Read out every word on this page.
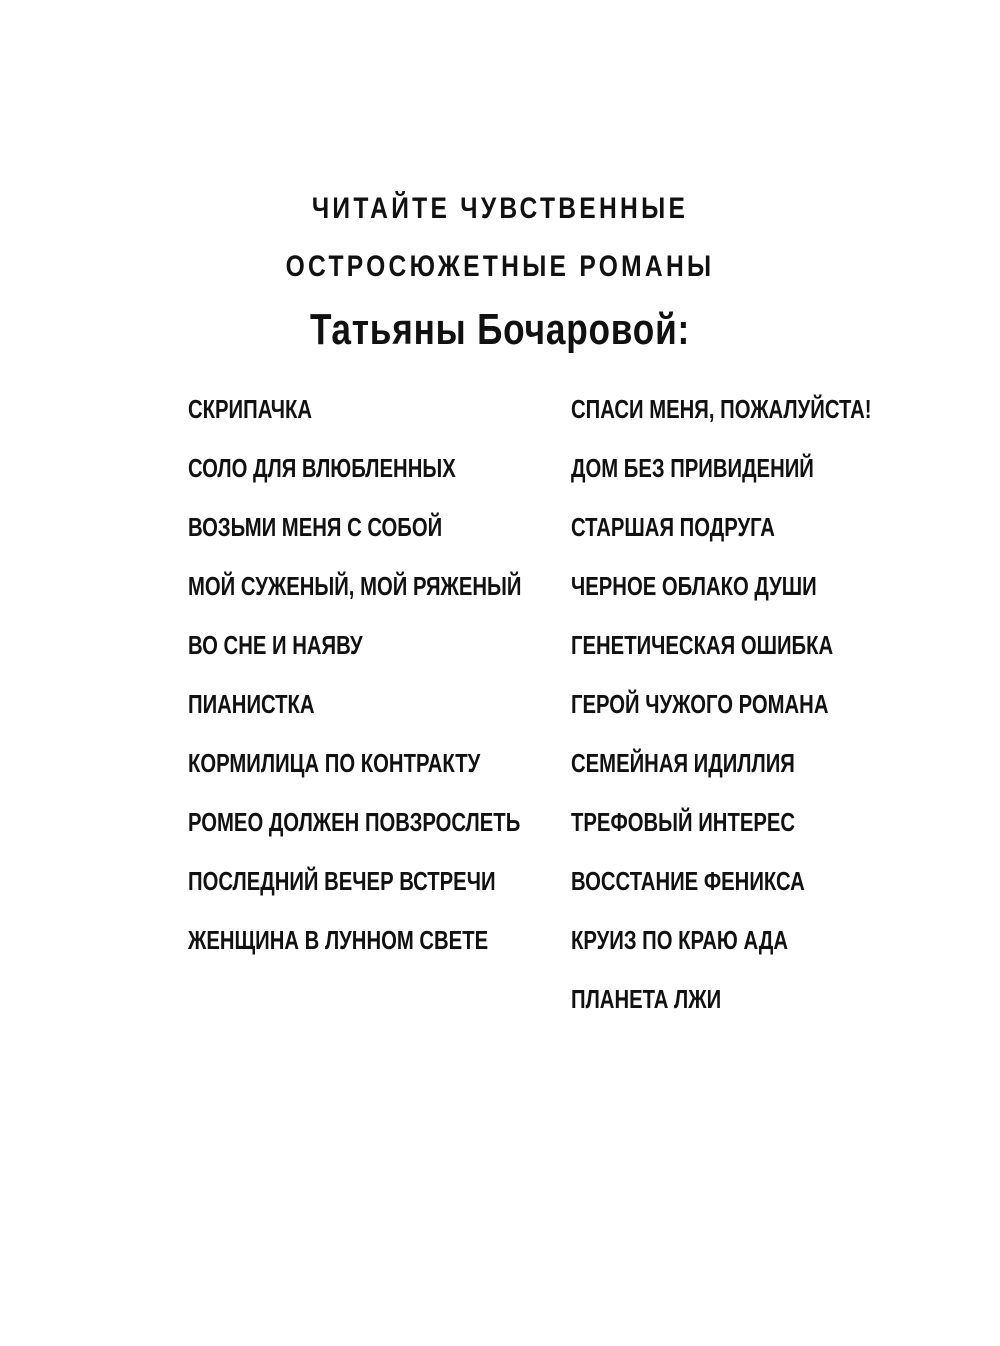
ЧИТАЙТЕ ЧУВСТВЕННЫЕ
ОСТРОСЮЖЕТНЫЕ РОМАНЫ
Татьяны Бочаровой:
СКРИПАЧКА
СОЛО ДЛЯ ВЛЮБЛЕННЫХ
ВОЗЬМИ МЕНЯ С СОБОЙ
МОЙ СУЖЕНЫЙ, МОЙ РЯЖЕНЫЙ
ВО СНЕ И НАЯВУ
ПИАНИСТКА
КОРМИЛИЦА ПО КОНТРАКТУ
РОМЕО ДОЛЖЕН ПОВЗРОСЛЕТЬ
ПОСЛЕДНИЙ ВЕЧЕР ВСТРЕЧИ
ЖЕНЩИНА В ЛУННОМ СВЕТЕ
СПАСИ МЕНЯ, ПОЖАЛУЙСТА!
ДОМ БЕЗ ПРИВИДЕНИЙ
СТАРШАЯ ПОДРУГА
ЧЕРНОЕ ОБЛАКО ДУШИ
ГЕНЕТИЧЕСКАЯ ОШИБКА
ГЕРОЙ ЧУЖОГО РОМАНА
СЕМЕЙНАЯ ИДИЛЛИЯ
ТРЕФОВЫЙ ИНТЕРЕС
ВОССТАНИЕ ФЕНИКСА
КРУИЗ ПО КРАЮ АДА
ПЛАНЕТА ЛЖИ
